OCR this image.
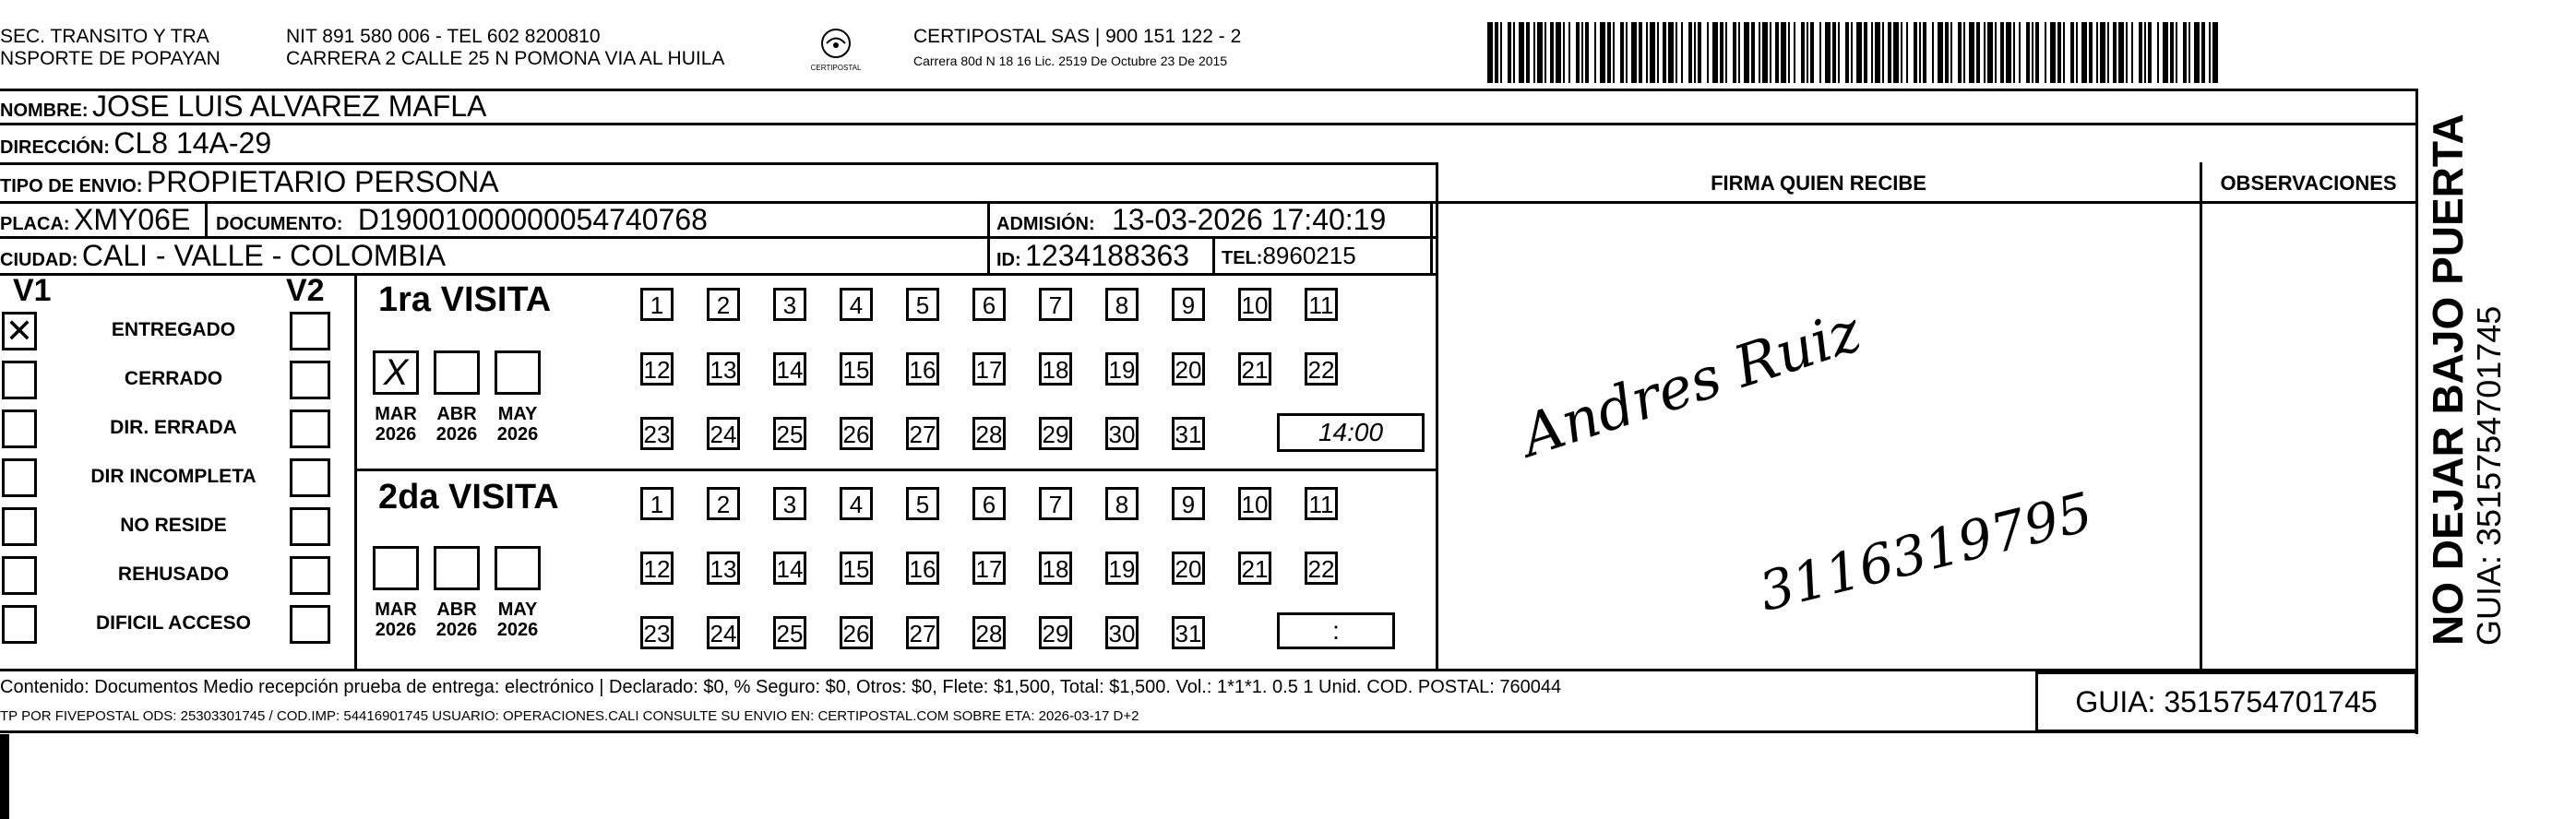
SEC. TRANSITO Y TRA
NSPORTE DE POPAYAN
NIT 891 580 006 - TEL 602 8200810
CARRERA 2 CALLE 25 N POMONA VIA AL HUILA	CERTIPOSTAL
CERTIPOSTAL SAS | 900 151 122 - 2
Carrera 80d N 18 16 Lic. 2519 De Octubre 23 De 2015
NOMBRE: JOSE LUIS ALVAREZ MAFLA
DIRECCIÓN: CL8 14A-29
TIPO DE ENVIO: PROPIETARIO PERSONA
PLACA: XMY06E DOCUMENTO: D19001000000054740768	ADMISIÓN: 13-03-2026 17:40:19
CIUDAD: CALI - VALLE - COLOMBIA	ID: 1234188363 TEL:8960215
FIRMA QUIEN RECIBE	OBSERVACIONES
V1	V2
✕	ENTREGADO
CERRADO
DIR. ERRADA
DIR INCOMPLETA
NO RESIDE
REHUSADO
DIFICIL ACCESO
1ra VISITA
X
MAR
2026
ABR
2026
MAY
2026
1	2	3	4	5	6	7	8	9	10 11
12 13 14 15 16 17 18 19 20 21 22
23 24 25 26 27 28 29 30 31	14:00
2da VISITA
MAR
2026
ABR
2026
MAY
2026
1	2	3	4	5	6	7	8	9	10 11
12 13 14 15 16 17 18 19 20 21 22
23 24 25 26 27 28 29 30 31	:
Andres Ruiz
3116319795
Contenido: Documentos Medio recepción prueba de entrega: electrónico | Declarado: $0, % Seguro: $0, Otros: $0, Flete: $1,500, Total: $1,500. Vol.: 1*1*1. 0.5 1 Unid. COD. POSTAL: 760044
TP POR FIVEPOSTAL ODS: 25303301745 / COD.IMP: 54416901745 USUARIO: OPERACIONES.CALI CONSULTE SU ENVIO EN: CERTIPOSTAL.COM SOBRE ETA: 2026-03-17 D+2	GUIA: 3515754701745
NO DEJAR BAJO PUERTA
GUIA: 3515754701745
